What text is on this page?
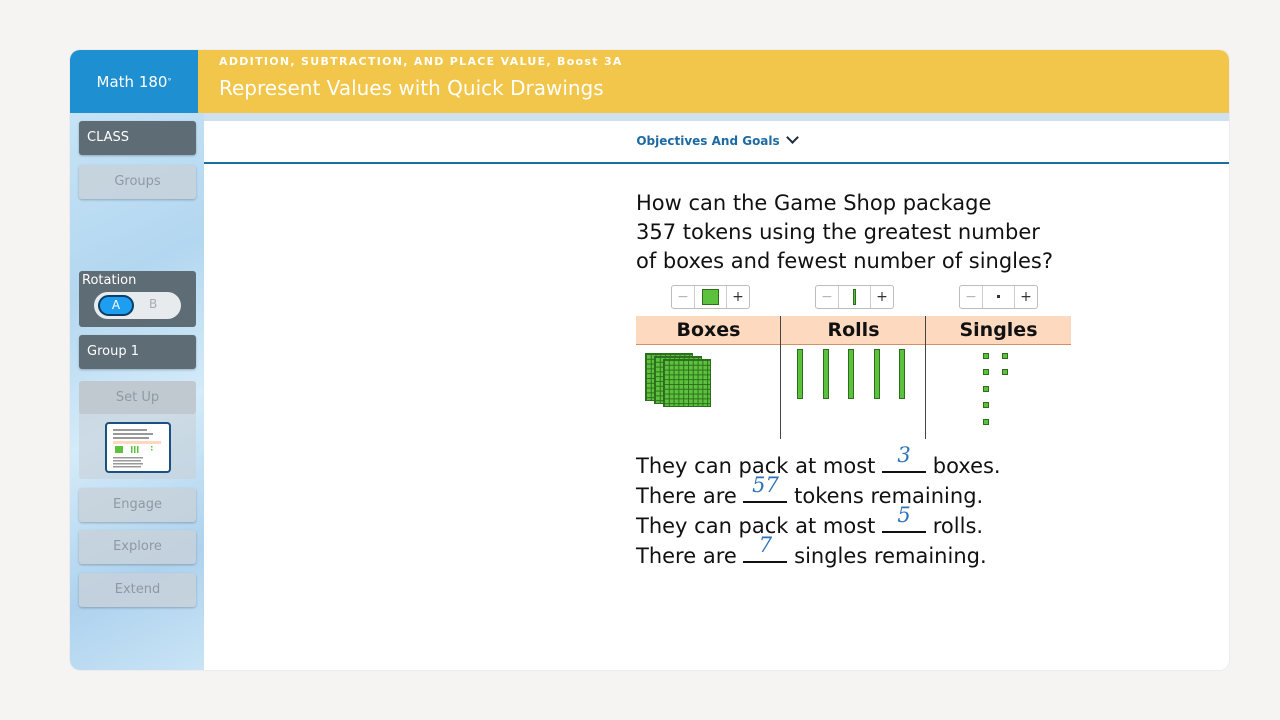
Math 180 °
ADDITION, SUBTRACTION, AND PLACE VALUE, Boost 3A
Represent Values with Quick Drawings
CLASS
Groups
Rotation
A	B
Group 1
Set Up
Engage
Explore
Extend
Objectives And Goals
How can the Game Shop package
357 tokens using the greatest number
of boxes and fewest number of singles?
−	+	−	+	−	+
Boxes	Rolls	Singles
They can pack at most 3 boxes.
There are 57 tokens remaining.
They can pack at most 5 rolls.
There are 7 singles remaining.
